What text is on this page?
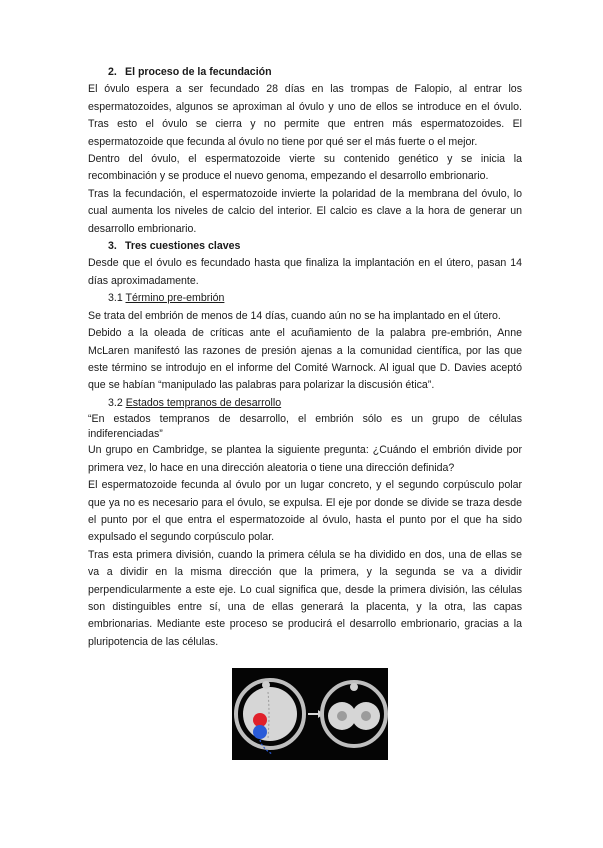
2. El proceso de la fecundación

El óvulo espera a ser fecundado 28 días en las trompas de Falopio, al entrar los espermatozoides, algunos se aproximan al óvulo y uno de ellos se introduce en el óvulo. Tras esto el óvulo se cierra y no permite que entren más espermatozoides. El espermatozoide que fecunda al óvulo no tiene por qué ser el más fuerte o el mejor.

Dentro del óvulo, el espermatozoide vierte su contenido genético y se inicia la recombinación y se produce el nuevo genoma, empezando el desarrollo embrionario.

Tras la fecundación, el espermatozoide invierte la polaridad de la membrana del óvulo, lo cual aumenta los niveles de calcio del interior. El calcio es clave a la hora de generar un desarrollo embrionario.

3. Tres cuestiones claves

Desde que el óvulo es fecundado hasta que finaliza la implantación en el útero, pasan 14 días aproximadamente.

3.1 Término pre-embrión

Se trata del embrión de menos de 14 días, cuando aún no se ha implantado en el útero.

Debido a la oleada de críticas ante el acuñamiento de la palabra pre-embrión, Anne McLaren manifestó las razones de presión ajenas a la comunidad científica, por las que este término se introdujo en el informe del Comité Warnock. Al igual que D. Davies aceptó que se habían “manipulado las palabras para polarizar la discusión ética”.

3.2 Estados tempranos de desarrollo

“En estados tempranos de desarrollo, el embrión sólo es un grupo de células indiferenciadas”

Un grupo en Cambridge, se plantea la siguiente pregunta: ¿Cuándo el embrión divide por primera vez, lo hace en una dirección aleatoria o tiene una dirección definida?

El espermatozoide fecunda al óvulo por un lugar concreto, y el segundo corpúsculo polar que ya no es necesario para el óvulo, se expulsa. El eje por donde se divide se traza desde el punto por el que entra el espermatozoide al óvulo, hasta el punto por el que ha sido expulsado el segundo corpúsculo polar.

Tras esta primera división, cuando la primera célula se ha dividido en dos, una de ellas se va a dividir en la misma dirección que la primera, y la segunda se va a dividir perpendicularmente a este eje. Lo cual significa que, desde la primera división, las células son distinguibles entre sí, una de ellas generará la placenta, y la otra, las capas embrionarias. Mediante este proceso se producirá el desarrollo embrionario, gracias a la pluripotencia de las células.
